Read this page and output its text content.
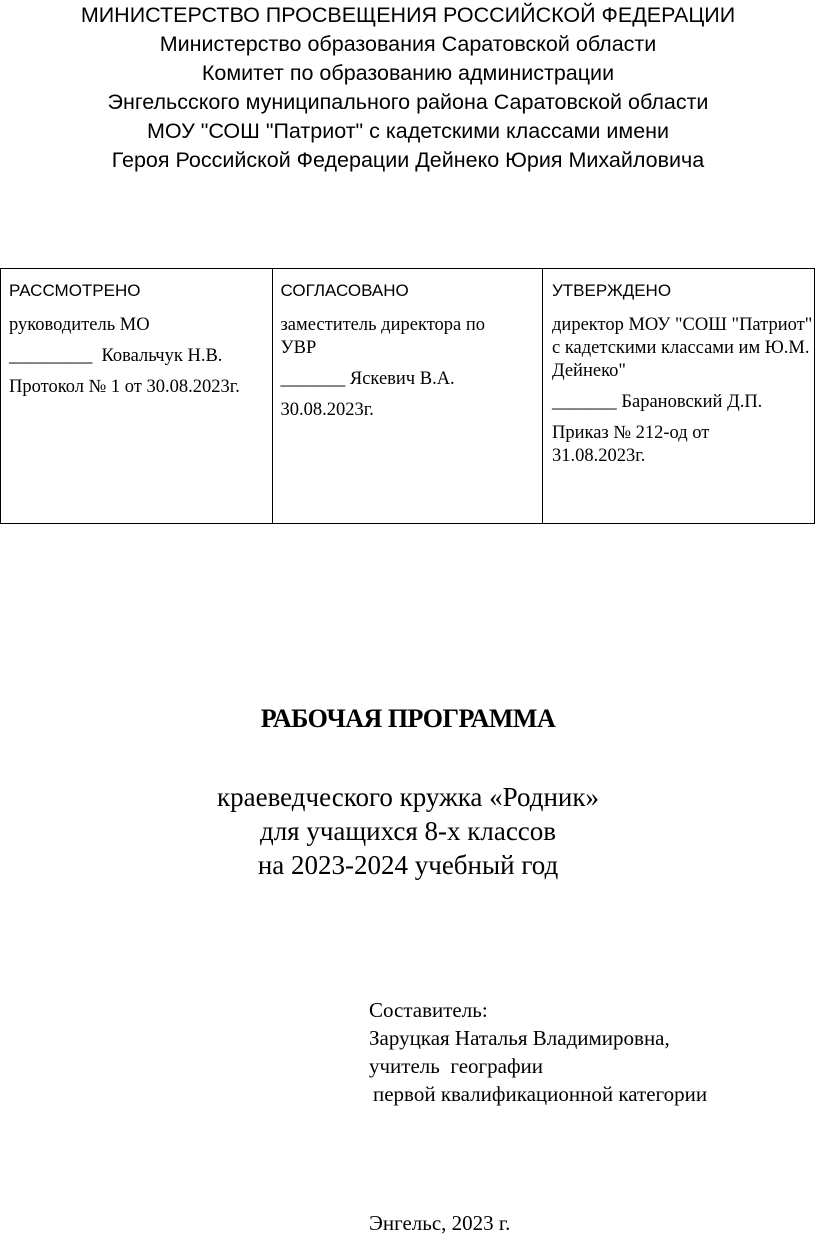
МИНИСТЕРСТВО ПРОСВЕЩЕНИЯ РОССИЙСКОЙ ФЕДЕРАЦИИ
Министерство образования Саратовской области
Комитет по образованию администрации
Энгельсского муниципального района Саратовской области
МОУ "СОШ "Патриот" с кадетскими классами имени
Героя Российской Федерации Дейнеко Юрия Михайловича
РАССМОТРЕНО

руководитель МО

_________  Ковальчук Н.В.

Протокол № 1 от 30.08.2023г.

СОГЛАСОВАНО

заместитель директора по УВР

_______ Яскевич В.А.

30.08.2023г.

УТВЕРЖДЕНО

директор МОУ "СОШ "Патриот" с кадетскими классами им Ю.М. Дейнеко"

_______ Барановский Д.П.

Приказ № 212-од от 31.08.2023г.

РАБОЧАЯ ПРОГРАММА
краеведческого кружка «Родник»
для учащихся 8-х классов
на 2023-2024 учебный год
Составитель:
Заруцкая Наталья Владимировна,
учитель  географии
первой квалификационной категории
Энгельс, 2023 г.
